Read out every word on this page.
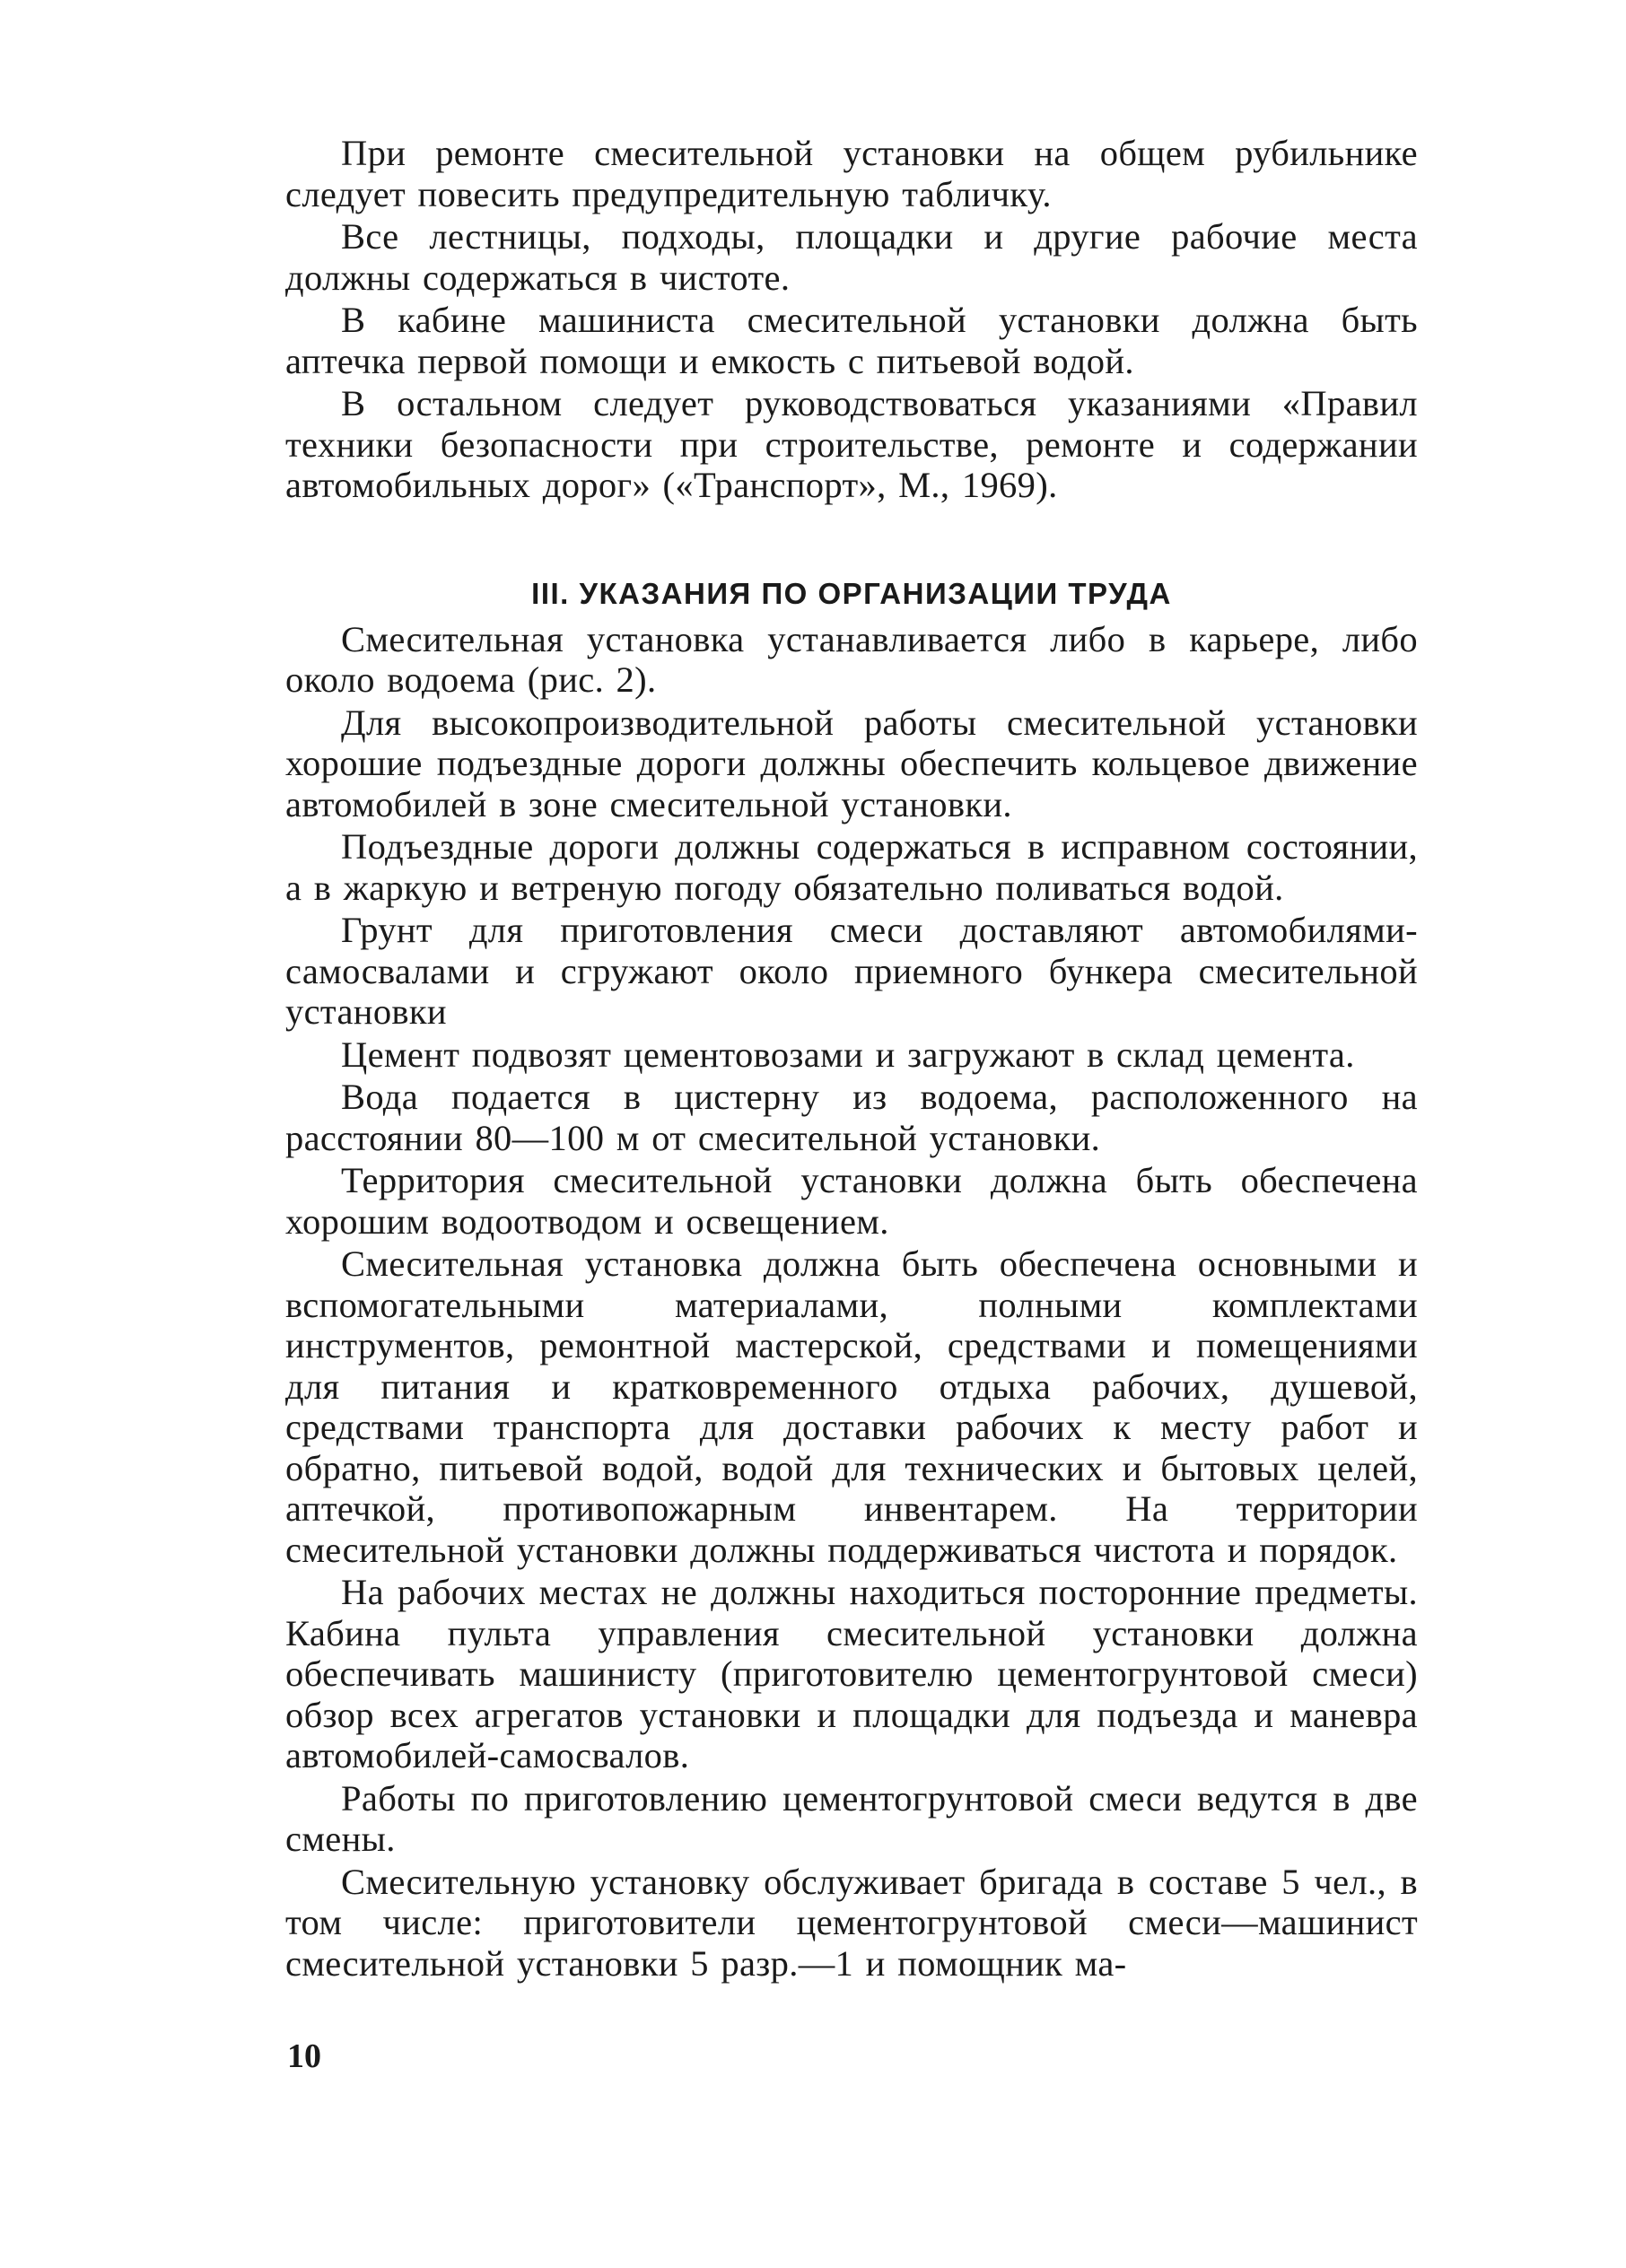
При ремонте смесительной установки на общем рубильнике следует повесить предупредительную табличку.

Все лестницы, подходы, площадки и другие рабочие места должны содержаться в чистоте.

В кабине машиниста смесительной установки должна быть аптечка первой помощи и емкость с питьевой водой.

В остальном следует руководствоваться указаниями «Правил техники безопасности при строительстве, ремонте и содержании автомобильных дорог» («Транспорт», М., 1969).

III. УКАЗАНИЯ ПО ОРГАНИЗАЦИИ ТРУДА

Смесительная установка устанавливается либо в карьере, либо около водоема (рис. 2).

Для высокопроизводительной работы смесительной установки хорошие подъездные дороги должны обеспечить кольцевое движение автомобилей в зоне смесительной установки.

Подъездные дороги должны содержаться в исправном состоянии, а в жаркую и ветреную погоду обязательно поливаться водой.

Грунт для приготовления смеси доставляют автомобилями-самосвалами и сгружают около приемного бункера смесительной установки

Цемент подвозят цементовозами и загружают в склад цемента.

Вода подается в цистерну из водоема, расположенного на расстоянии 80—100 м от смесительной установки.

Территория смесительной установки должна быть обеспечена хорошим водоотводом и освещением.

Смесительная установка должна быть обеспечена основными и вспомогательными материалами, полными комплектами инструментов, ремонтной мастерской, средствами и помещениями для питания и кратковременного отдыха рабочих, душевой, средствами транспорта для доставки рабочих к месту работ и обратно, питьевой водой, водой для технических и бытовых целей, аптечкой, противопожарным инвентарем. На территории смесительной установки должны поддерживаться чистота и порядок.

На рабочих местах не должны находиться посторонние предметы. Кабина пульта управления смесительной установки должна обеспечивать машинисту (приготовителю цементогрунтовой смеси) обзор всех агрегатов установки и площадки для подъезда и маневра автомобилей-самосвалов.

Работы по приготовлению цементогрунтовой смеси ведутся в две смены.

Смесительную установку обслуживает бригада в составе 5 чел., в том числе: приготовители цементогрунтовой смеси—машинист смесительной установки 5 разр.—1 и помощник ма-

10
